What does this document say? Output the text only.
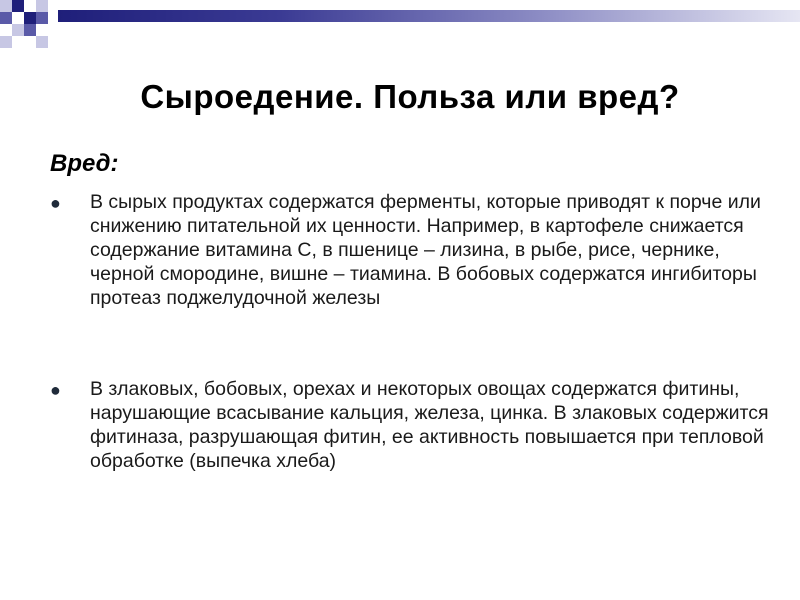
Сыроедение. Польза или вред?
Вред:
● В сырых продуктах содержатся ферменты, которые приводят к порче или снижению питательной их ценности. Например, в картофеле снижается содержание витамина С, в пшенице – лизина, в рыбе, рисе, чернике, черной смородине, вишне – тиамина. В бобовых содержатся ингибиторы протеаз поджелудочной железы
● В злаковых, бобовых, орехах и некоторых овощах содержатся фитины, нарушающие всасывание кальция, железа, цинка. В злаковых содержится фитиназа, разрушающая фитин, ее активность повышается при тепловой обработке (выпечка хлеба)
